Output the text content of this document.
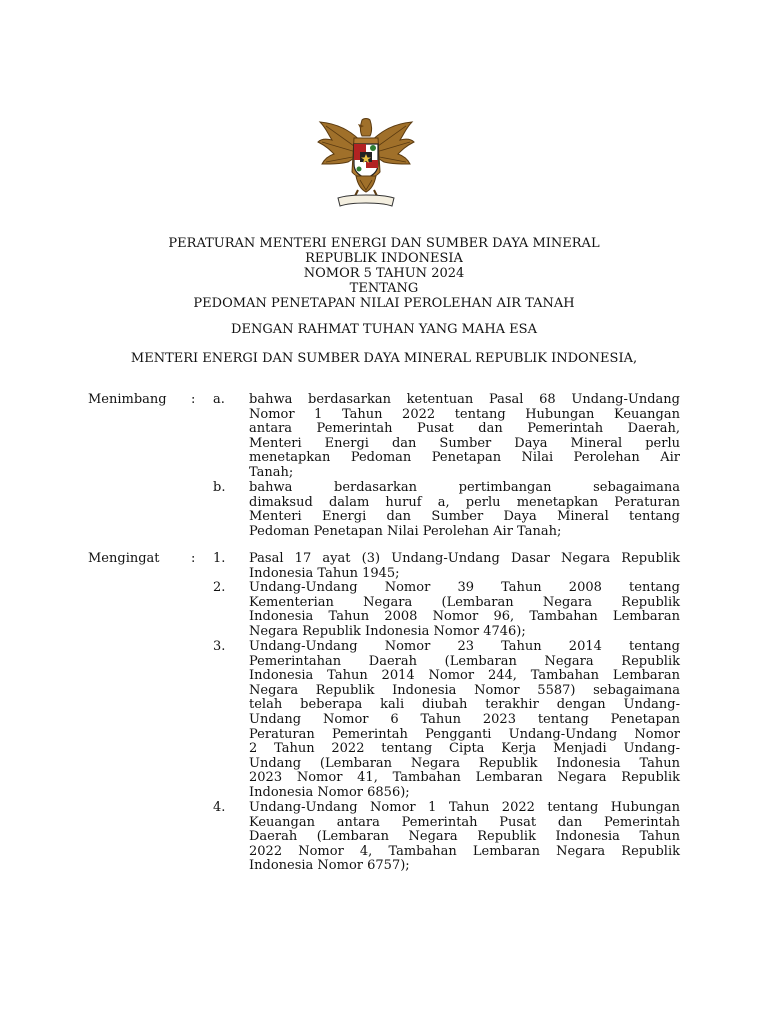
PERATURAN MENTERI ENERGI DAN SUMBER DAYA MINERAL
REPUBLIK INDONESIA
NOMOR 5 TAHUN 2024
TENTANG
PEDOMAN PENETAPAN NILAI PEROLEHAN AIR TANAH
DENGAN RAHMAT TUHAN YANG MAHA ESA
MENTERI ENERGI DAN SUMBER DAYA MINERAL REPUBLIK INDONESIA,
Menimbang : a.	bahwa berdasarkan ketentuan Pasal 68 Undang-Undang
Nomor 1 Tahun 2022 tentang Hubungan Keuangan
antara Pemerintah Pusat dan Pemerintah Daerah,
Menteri Energi dan Sumber Daya Mineral perlu
menetapkan Pedoman Penetapan Nilai Perolehan Air
Tanah;
b.	bahwa berdasarkan pertimbangan sebagaimana
dimaksud dalam huruf a, perlu menetapkan Peraturan
Menteri Energi dan Sumber Daya Mineral tentang
Pedoman Penetapan Nilai Perolehan Air Tanah;
Mengingat : 1.	Pasal 17 ayat (3) Undang-Undang Dasar Negara Republik
Indonesia Tahun 1945;
2.	Undang-Undang Nomor 39 Tahun 2008 tentang
Kementerian Negara (Lembaran Negara Republik
Indonesia Tahun 2008 Nomor 96, Tambahan Lembaran
Negara Republik Indonesia Nomor 4746);
3.	Undang-Undang Nomor 23 Tahun 2014 tentang
Pemerintahan Daerah (Lembaran Negara Republik
Indonesia Tahun 2014 Nomor 244, Tambahan Lembaran
Negara Republik Indonesia Nomor 5587) sebagaimana
telah beberapa kali diubah terakhir dengan Undang-
Undang Nomor 6 Tahun 2023 tentang Penetapan
Peraturan Pemerintah Pengganti Undang-Undang Nomor
2 Tahun 2022 tentang Cipta Kerja Menjadi Undang-
Undang (Lembaran Negara Republik Indonesia Tahun
2023 Nomor 41, Tambahan Lembaran Negara Republik
Indonesia Nomor 6856);
4.	Undang-Undang Nomor 1 Tahun 2022 tentang Hubungan
Keuangan antara Pemerintah Pusat dan Pemerintah
Daerah (Lembaran Negara Republik Indonesia Tahun
2022 Nomor 4, Tambahan Lembaran Negara Republik
Indonesia Nomor 6757);
